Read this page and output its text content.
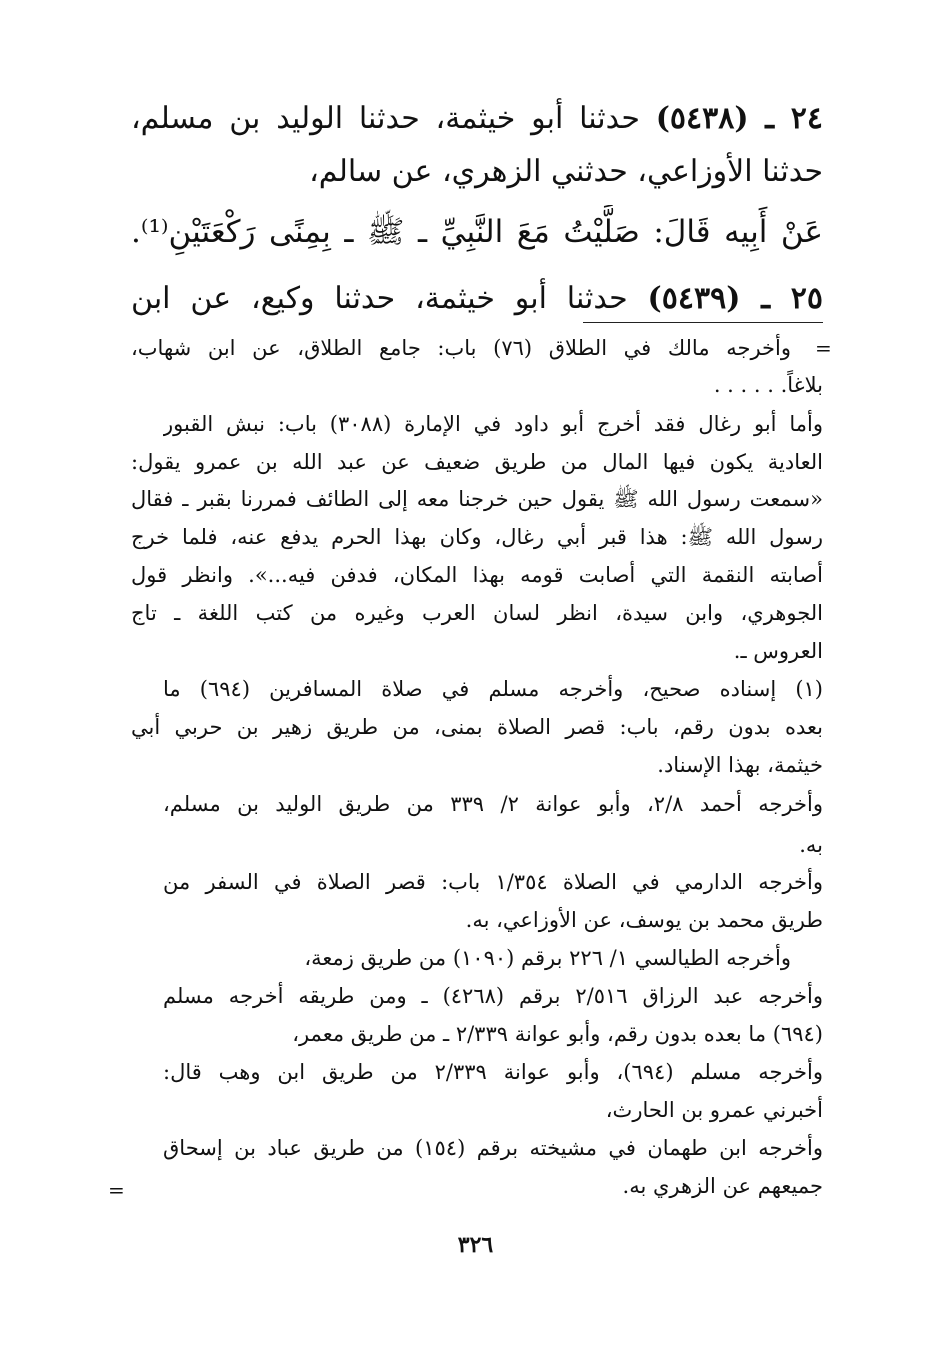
٢٤ ـ (٥٤٣٨) حدثنا أبو خيثمة، حدثنا الوليد بن مسلم،
حدثنا الأوزاعي، حدثني الزهري، عن سالم،
عَنْ أَبِيه قَالَ: صَلَّيْتُ مَعَ النَّبِيِّ ـ ﷺ ـ بِمِنًى رَكْعَتَيْنِ⁽¹⁾.
٢٥ ـ (٥٤٣٩) حدثنا أبو خيثمة، حدثنا وكيع، عن ابن
=
=
وأخرجه مالك في الطلاق (٧٦) باب: جامع الطلاق، عن ابن شهاب،
بلاغاً. . . . . .
وأما أبو رغال فقد أخرج أبو داود في الإمارة (٣٠٨٨) باب: نبش القبور
العادية يكون فيها المال من طريق ضعيف عن عبد الله بن عمرو يقول:
«سمعت رسول الله ﷺ يقول حين خرجنا معه إلى الطائف فمررنا بقبر ـ فقال
رسول الله ﷺ: هذا قبر أبي رغال، وكان بهذا الحرم يدفع عنه، فلما خرج
أصابته النقمة التي أصابت قومه بهذا المكان، فدفن فيه...». وانظر قول
الجوهري، وابن سيدة، انظر لسان العرب وغيره من كتب اللغة ـ تاج
العروس ـ.
(١) إسناده صحيح، وأخرجه مسلم في صلاة المسافرين (٦٩٤) ما
بعده بدون رقم، باب: قصر الصلاة بمنى، من طريق زهير بن حربي أبي
خيثمة، بهذا الإسناد.
وأخرجه أحمد ٢/٨، وأبو عوانة ٢/ ٣٣٩ من طريق الوليد بن مسلم،
به.
وأخرجه الدارمي في الصلاة ١/٣٥٤ باب: قصر الصلاة في السفر من
طريق محمد بن يوسف، عن الأوزاعي، به.
وأخرجه الطيالسي ١/ ٢٢٦ برقم (١٠٩٠) من طريق زمعة،
وأخرجه عبد الرزاق ٢/٥١٦ برقم (٤٢٦٨) ـ ومن طريقه أخرجه مسلم
(٦٩٤) ما بعده بدون رقم، وأبو عوانة ٢/٣٣٩ ـ من طريق معمر،
وأخرجه مسلم (٦٩٤)، وأبو عوانة ٢/٣٣٩ من طريق ابن وهب قال:
أخبرني عمرو بن الحارث،
وأخرجه ابن طهمان في مشيخته برقم (١٥٤) من طريق عباد بن إسحاق
جميعهم عن الزهري به.
٣٢٦
